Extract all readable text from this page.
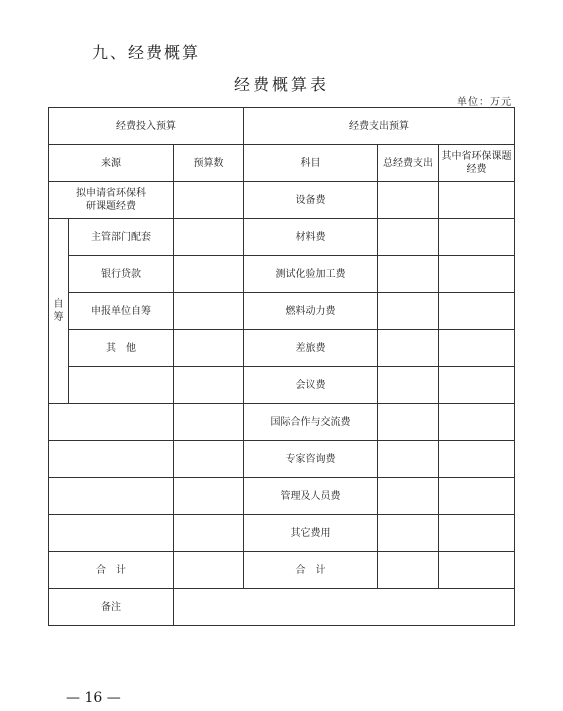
九、经费概算
经费概算表
单位：万元
经费投入预算			经费支出预算		
来源		预算数	科目	总经费支出	其中省环保课题经费
拟申请省环保科研课题经费			设备费		
自筹	主管部门配套		材料费		
	银行贷款		测试化验加工费		
	申报单位自筹		燃料动力费		
	其　他		差旅费		
			会议费		
			国际合作与交流费		
			专家咨询费		
			管理及人员费		
			其它费用		
合　计			合　计		
备注					
— 16 —
